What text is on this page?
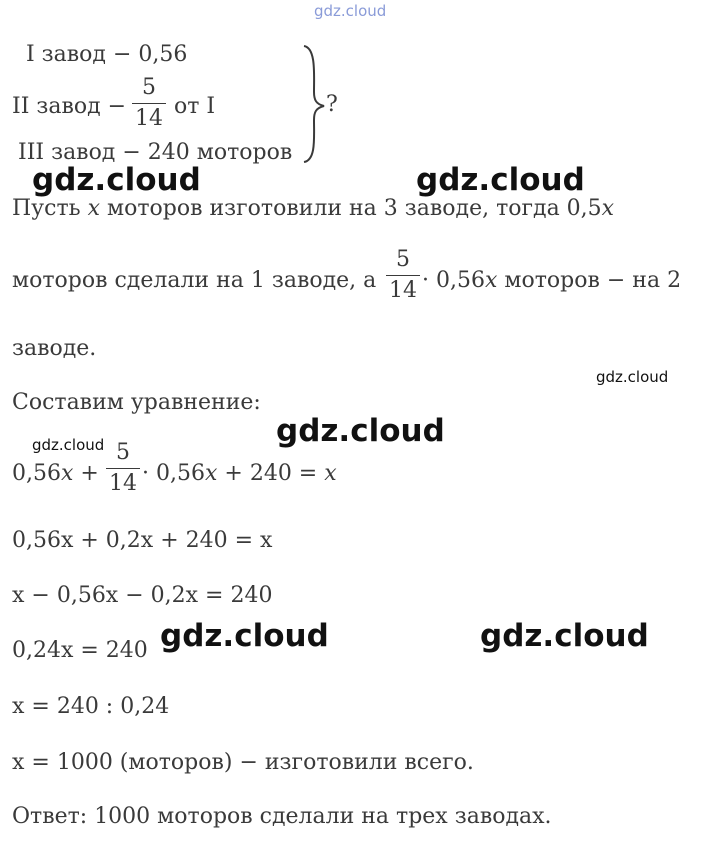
gdz.cloud
I завод − 0,56
II завод −
5
14 от I
III завод − 240 моторов
?
gdz.cloud	gdz.cloud
Пусть x моторов изготовили на 3 заводе, тогда 0,5x
моторов сделали на 1 заводе, а
5
14 · 0,56x моторов − на 2
заводе.
gdz.cloud
Составим уравнение:
gdz.cloud
gdz.cloud
0,56x +
5
14 · 0,56x + 240 = x
0,56x + 0,2x + 240 = x
x − 0,56x − 0,2x = 240
0,24x = 240 gdz.cloud	gdz.cloud
x = 240 : 0,24
x = 1000 (моторов) − изготовили всего.
Ответ: 1000 моторов сделали на трех заводах.
